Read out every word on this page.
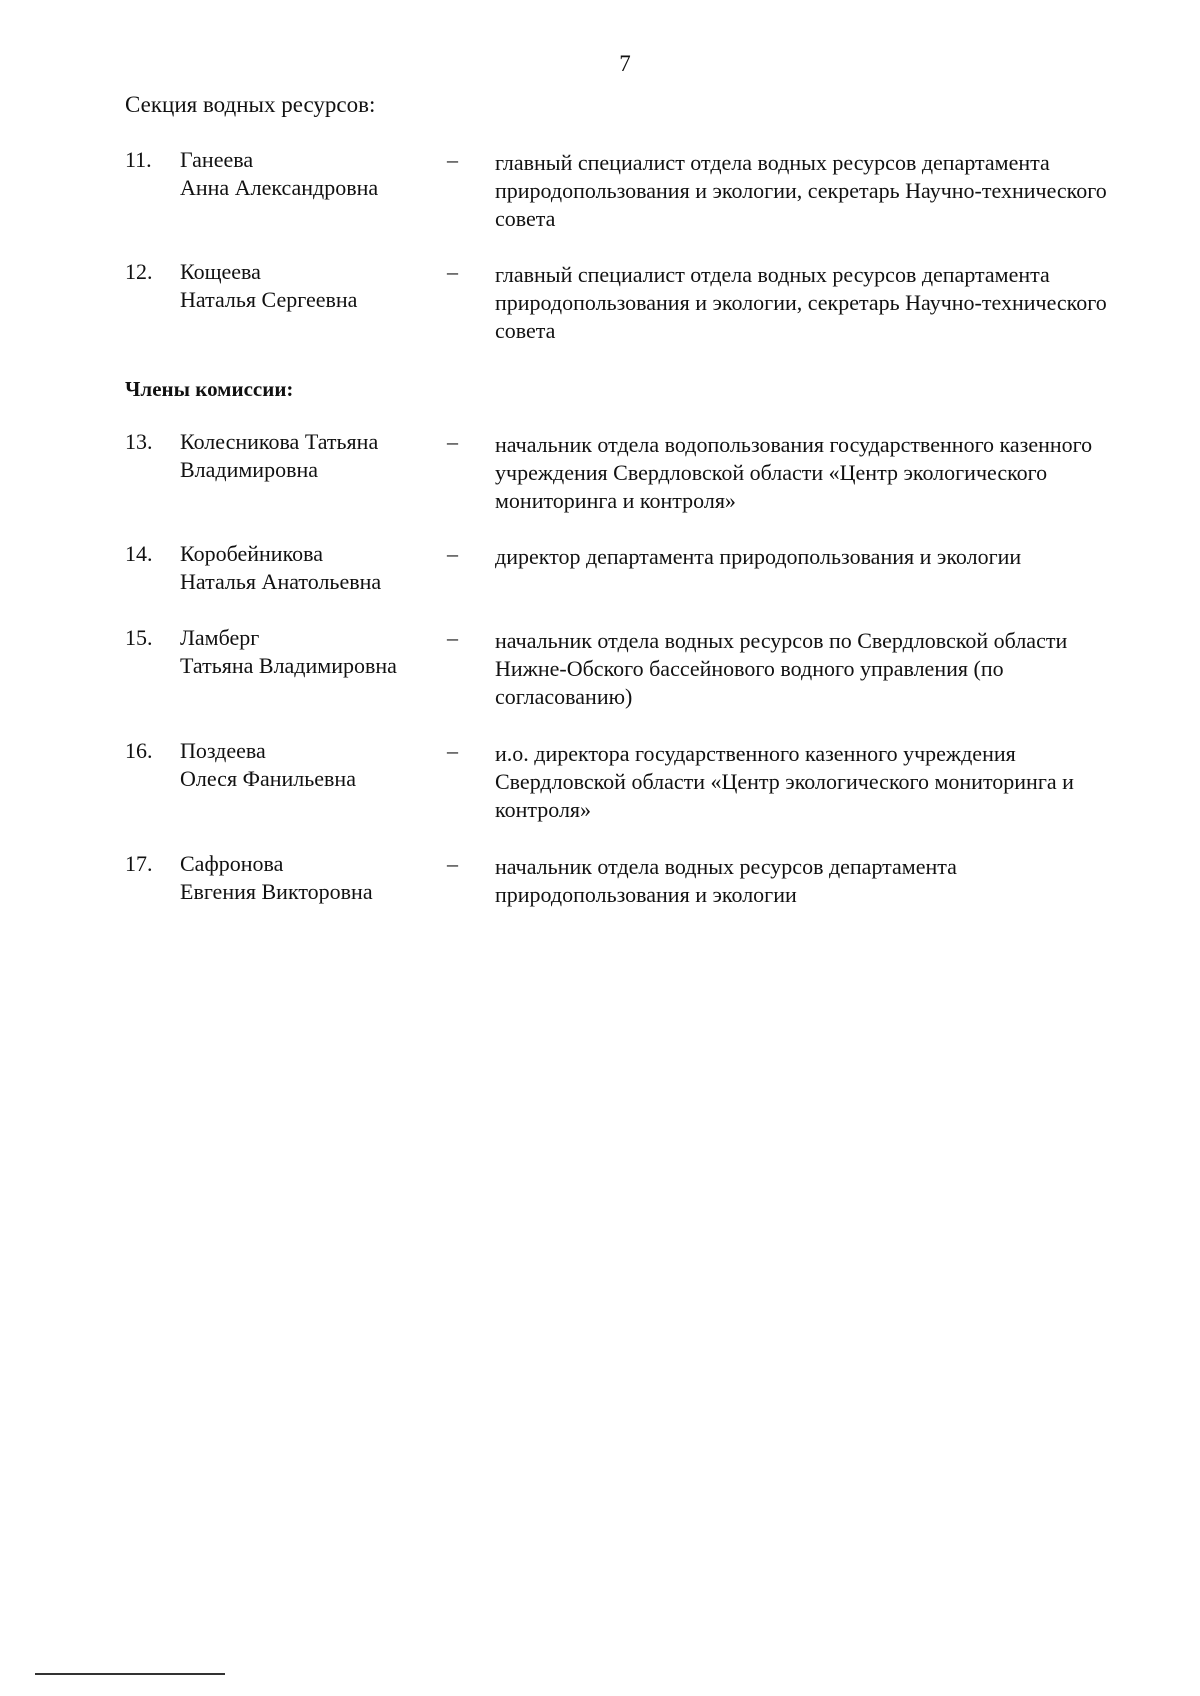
7
Секция водных ресурсов:
11. Ганеева
Анна Александровна
– главный специалист отдела водных ресурсов департамента природопользования и экологии, секретарь Научно-технического совета
12. Кощеева
Наталья Сергеевна
– главный специалист отдела водных ресурсов департамента природопользования и экологии, секретарь Научно-технического совета
Члены комиссии:
13. Колесникова Татьяна
Владимировна
– начальник отдела водопользования государственного казенного учреждения Свердловской области «Центр экологического мониторинга и контроля»
14. Коробейникова
Наталья Анатольевна
– директор департамента природопользования и экологии
15. Ламберг
Татьяна Владимировна
– начальник отдела водных ресурсов по Свердловской области Нижне-Обского бассейнового водного управления (по согласованию)
16. Поздеева
Олеся Фанильевна
– и.о. директора государственного казенного учреждения Свердловской области «Центр экологического мониторинга и контроля»
17. Сафронова
Евгения Викторовна
– начальник отдела водных ресурсов департамента природопользования и экологии
